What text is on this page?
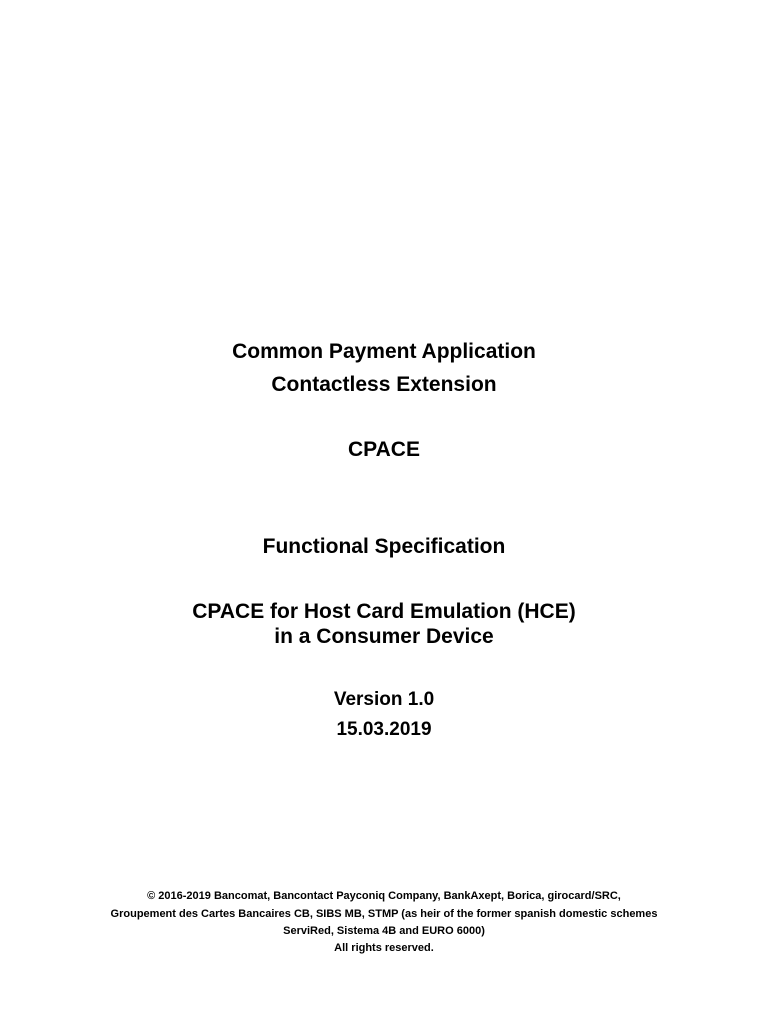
Common Payment Application
Contactless Extension
CPACE
Functional Specification
CPACE for Host Card Emulation (HCE)
in a Consumer Device
Version 1.0
15.03.2019
© 2016-2019 Bancomat, Bancontact Payconiq Company, BankAxept, Borica, girocard/SRC,
Groupement des Cartes Bancaires CB, SIBS MB, STMP (as heir of the former spanish domestic schemes
ServiRed, Sistema 4B and EURO 6000)
All rights reserved.
